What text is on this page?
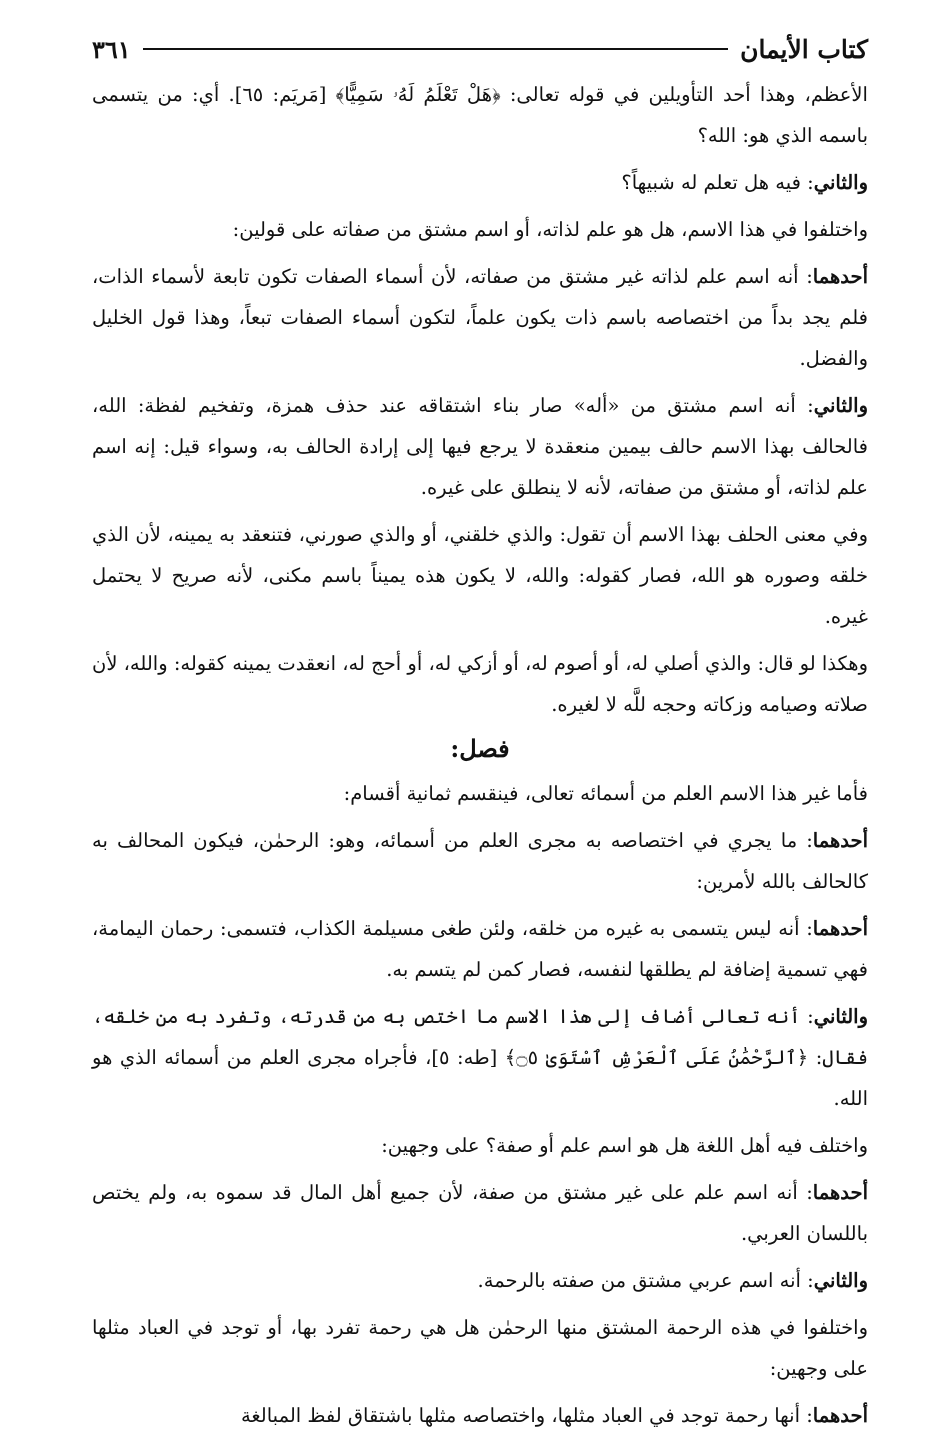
كتاب الأيمان
٣٦١

الأعظم، وهذا أحد التأويلين في قوله تعالى: ﴿هَلْ تَعْلَمُ لَهُۥ سَمِيًّا﴾ [مَريَم: ٦٥]. أي: من يتسمى باسمه الذي هو: الله؟

والثاني: فيه هل تعلم له شبيهاً؟

واختلفوا في هذا الاسم، هل هو علم لذاته، أو اسم مشتق من صفاته على قولين:

أحدهما: أنه اسم علم لذاته غير مشتق من صفاته، لأن أسماء الصفات تكون تابعة لأسماء الذات، فلم يجد بداً من اختصاصه باسم ذات يكون علماً، لتكون أسماء الصفات تبعاً، وهذا قول الخليل والفضل.

والثاني: أنه اسم مشتق من «أله» صار بناء اشتقاقه عند حذف همزة، وتفخيم لفظة: الله، فالحالف بهذا الاسم حالف بيمين منعقدة لا يرجع فيها إلى إرادة الحالف به، وسواء قيل: إنه اسم علم لذاته، أو مشتق من صفاته، لأنه لا ينطلق على غيره.

وفي معنى الحلف بهذا الاسم أن تقول: والذي خلقني، أو والذي صورني، فتنعقد به يمينه، لأن الذي خلقه وصوره هو الله، فصار كقوله: والله، لا يكون هذه يميناً باسم مكنى، لأنه صريح لا يحتمل غيره.

وهكذا لو قال: والذي أصلي له، أو أصوم له، أو أزكي له، أو أحج له، انعقدت يمينه كقوله: والله، لأن صلاته وصيامه وزكاته وحجه للَّه لا لغيره.

فصل:

فأما غير هذا الاسم العلم من أسمائه تعالى، فينقسم ثمانية أقسام:

أحدهما: ما يجري في اختصاصه به مجرى العلم من أسمائه، وهو: الرحمٰن، فيكون المحالف به كالحالف بالله لأمرين:

أحدهما: أنه ليس يتسمى به غيره من خلقه، ولئن طغى مسيلمة الكذاب، فتسمى: رحمان اليمامة، فهي تسمية إضافة لم يطلقها لنفسه، فصار كمن لم يتسم به.

والثاني: أنه تعالى أضاف إلى هذا الاسم ما اختص به من قدرته، وتفرد به من خلقه، فقال: ﴿ٱلرَّحْمَٰنُ عَلَى ٱلْعَرْشِ ٱسْتَوَىٰ ۝٥﴾ [طه: ٥]، فأجراه مجرى العلم من أسمائه الذي هو الله.

واختلف فيه أهل اللغة هل هو اسم علم أو صفة؟ على وجهين:

أحدهما: أنه اسم علم على غير مشتق من صفة، لأن جميع أهل المال قد سموه به، ولم يختص باللسان العربي.

والثاني: أنه اسم عربي مشتق من صفته بالرحمة.

واختلفوا في هذه الرحمة المشتق منها الرحمٰن هل هي رحمة تفرد بها، أو توجد في العباد مثلها على وجهين:

أحدهما: أنها رحمة توجد في العباد مثلها، واختصاصه مثلها باشتقاق لفظ المبالغة
